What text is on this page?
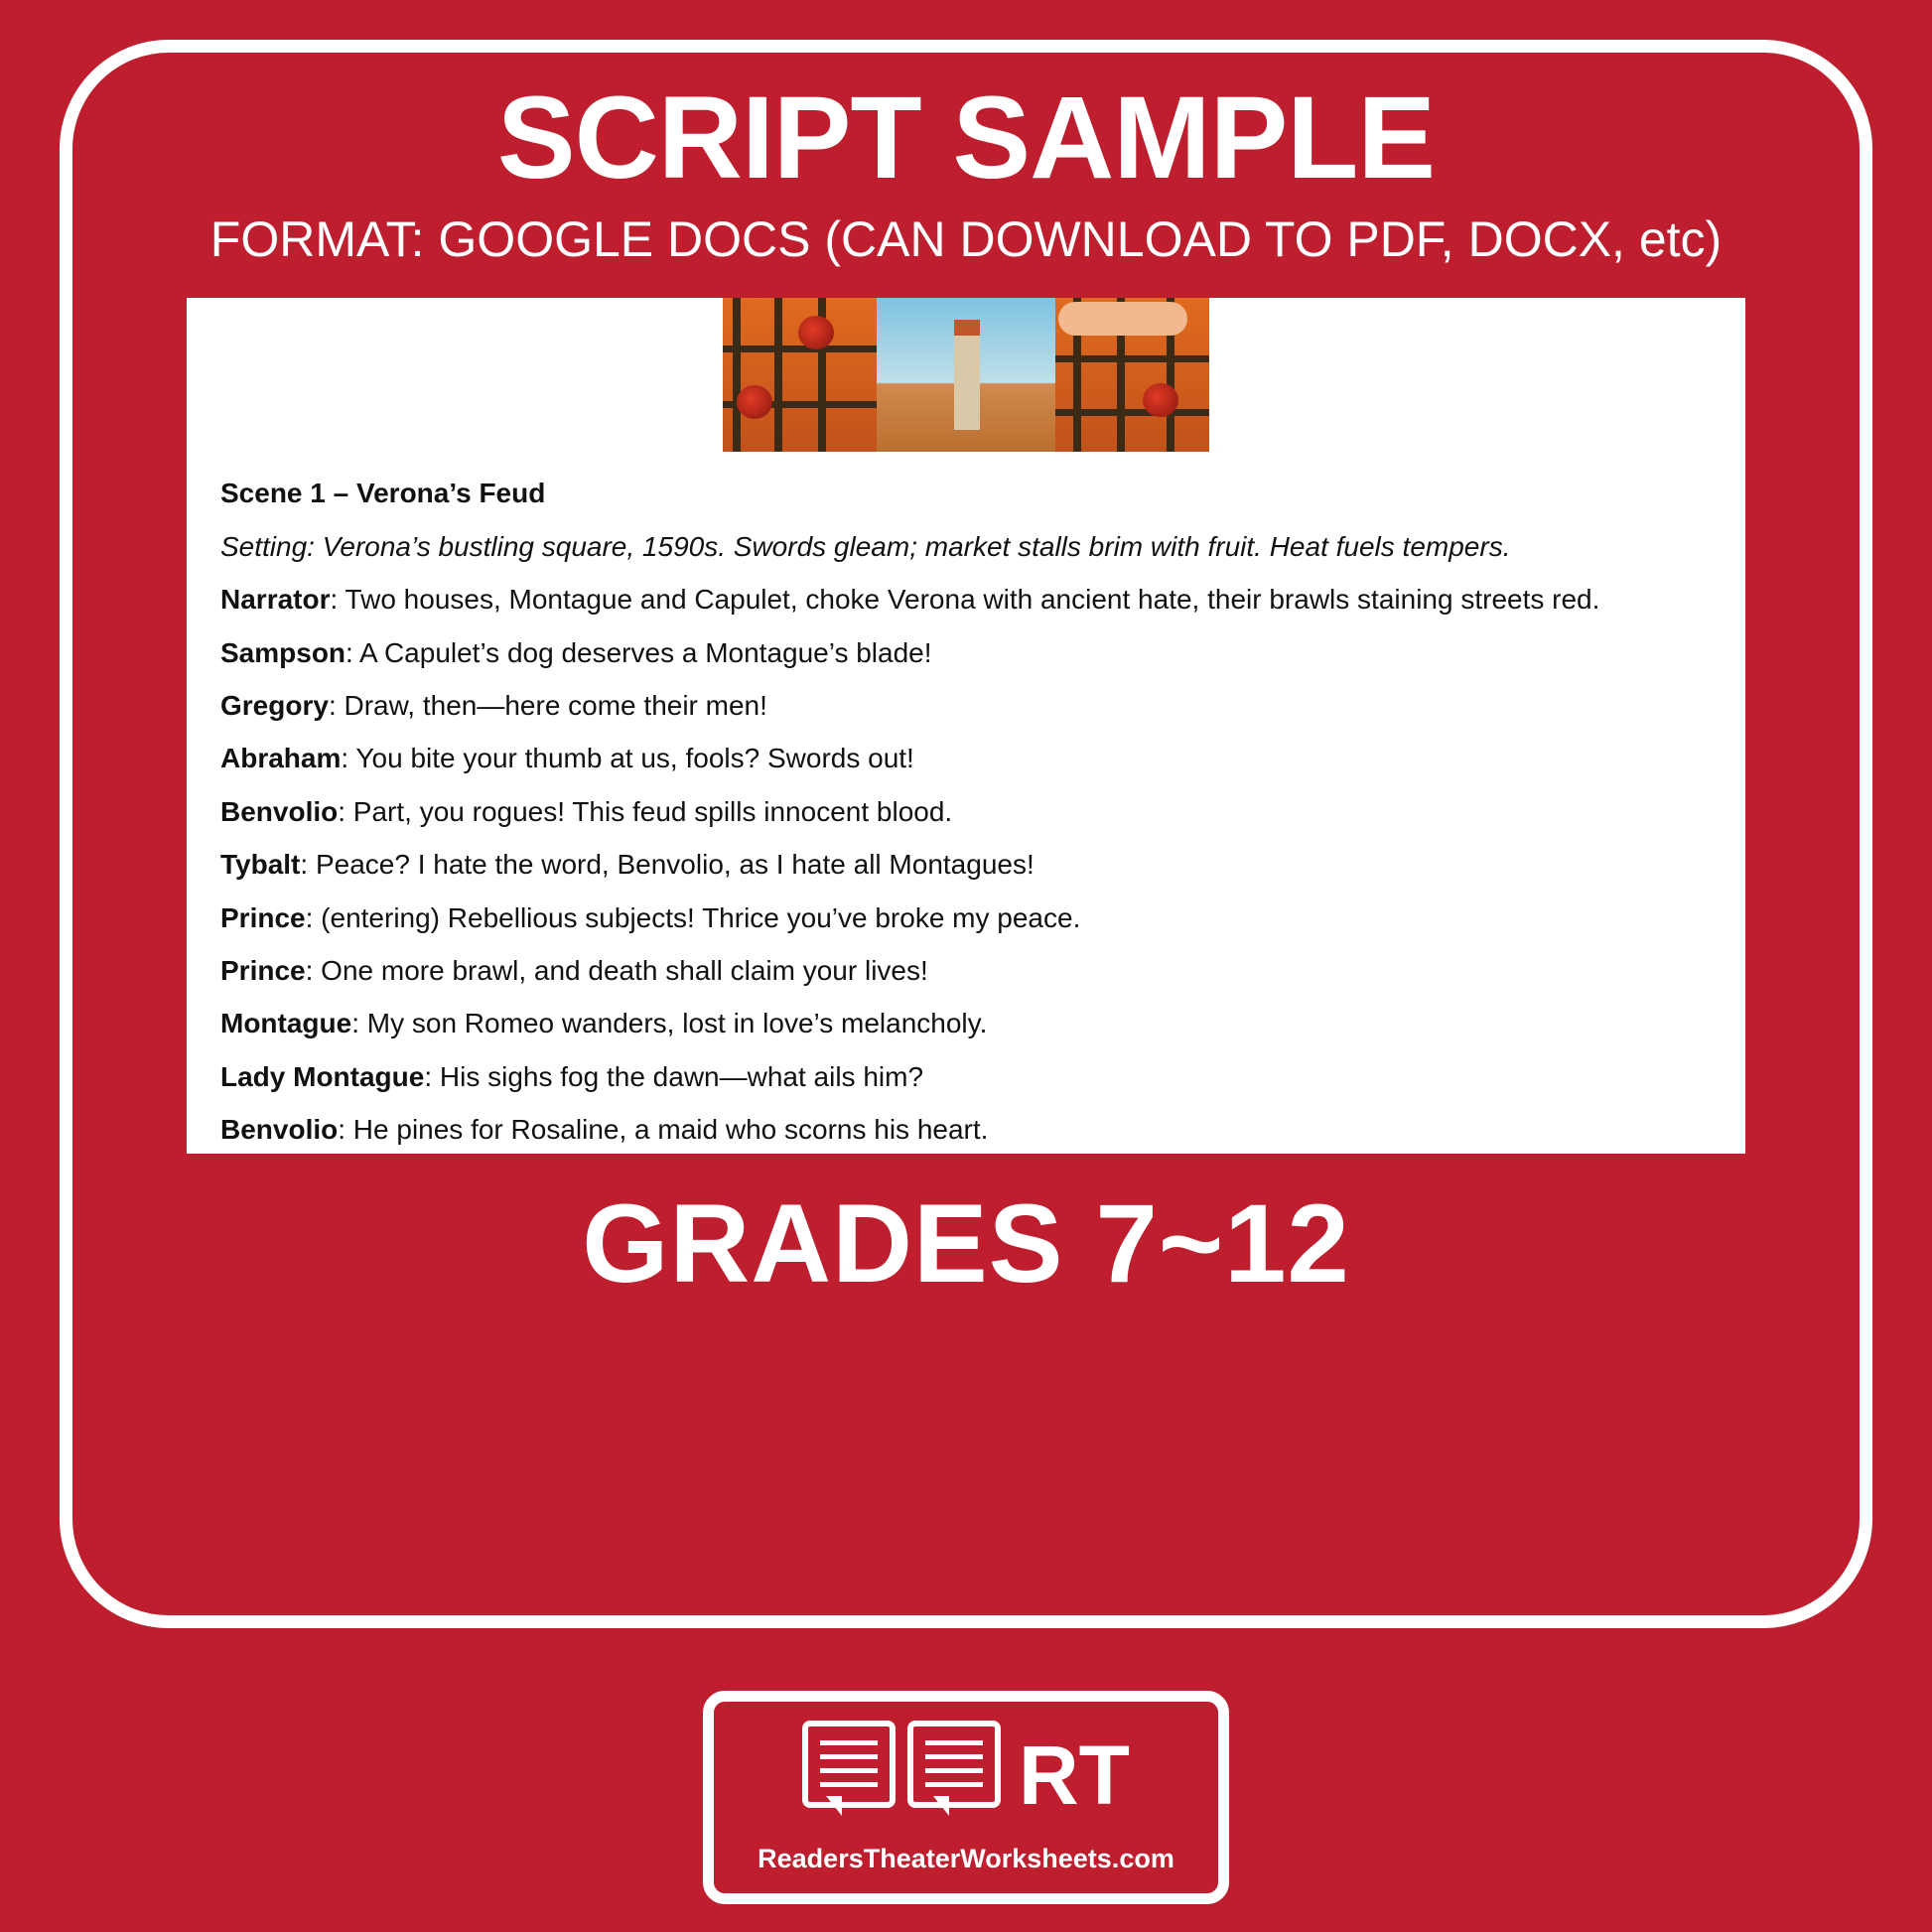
SCRIPT SAMPLE
FORMAT: GOOGLE DOCS (CAN DOWNLOAD TO PDF, DOCX, etc)
Scene 1 – Verona’s Feud
Setting: Verona’s bustling square, 1590s. Swords gleam; market stalls brim with fruit. Heat fuels tempers.
Narrator: Two houses, Montague and Capulet, choke Verona with ancient hate, their brawls staining streets red.
Sampson: A Capulet’s dog deserves a Montague’s blade!
Gregory: Draw, then—here come their men!
Abraham: You bite your thumb at us, fools? Swords out!
Benvolio: Part, you rogues! This feud spills innocent blood.
Tybalt: Peace? I hate the word, Benvolio, as I hate all Montagues!
Prince: (entering) Rebellious subjects! Thrice you’ve broke my peace.
Prince: One more brawl, and death shall claim your lives!
Montague: My son Romeo wanders, lost in love’s melancholy.
Lady Montague: His sighs fog the dawn—what ails him?
Benvolio: He pines for Rosaline, a maid who scorns his heart.
GRADES 7~12
RT
ReadersTheaterWorksheets.com
